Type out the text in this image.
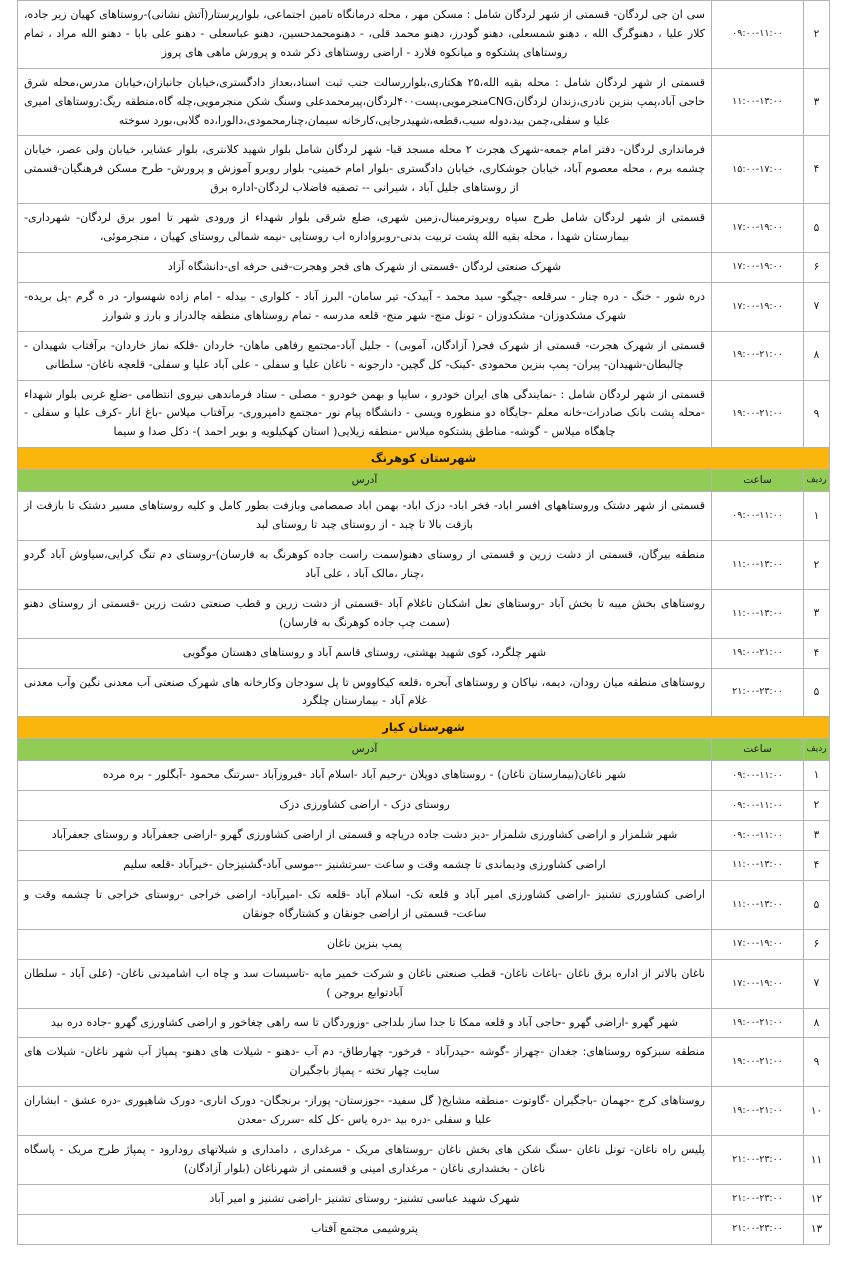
۲	۰۹:۰۰-۱۱:۰۰	سی ان جی لردگان- قسمتی از شهر لردگان شامل : مسکن مهر ، محله درمانگاه تامین اجتماعی، بلوارپرستار(آتش نشانی)-روستاهای کهیان زیر جاده، کلار علیا ، دهنوگرگ الله ، دهنو شمسعلی، دهنو گودرز، دهنو محمد قلی، - دهنومحمدحسین، دهنو عباسعلی - دهنو علی بابا - دهنو الله مراد ، تمام روستاهای پشتکوه و میانکوه فلارد - اراضی روستاهای ذکر شده و پرورش ماهی های پروز
۳	۱۱:۰۰-۱۳:۰۰	قسمتی از شهر لردگان شامل : محله بقیه الله،۲۵ هکتاری،بلواررسالت جنب ثبت اسناد،بعداز دادگستری،خیابان جانبازان،خیابان مدرس،محله شرق حاجی آباد،پمپ بنزین نادری،زندان لردگان،CNGمنجرمویی،پست۴۰۰لردگان،پیرمحمدعلی وسنگ شکن منجرمویی،چله گاه،منطقه ریگ:روستاهای امیری علیا و سفلی،چمن بید،دوله سیب،قطعه،شهیدرجایی،کارخانه سیمان،چنارمحمودی،دالورا،ده گلابی،بورد سوخته
۴	۱۵:۰۰-۱۷:۰۰	فرمانداری لردگان- دفتر امام جمعه-شهرک هجرت ۲ محله مسجد قبا- شهر لردگان شامل بلوار شهید کلانتری، بلوار عشایر، خیابان ولی عصر، خیابان چشمه برم ، محله معصوم آباد، خیابان جوشکاری، خیابان دادگستری -بلوار امام خمینی- بلوار روبرو آموزش و پرورش- طرح مسکن فرهنگیان-قسمتی از روستاهای جلیل آباد ، شیرانی -- تصفیه فاضلاب لردگان-اداره برق
۵	۱۷:۰۰-۱۹:۰۰	قسمتی از شهر لردگان شامل طرح سپاه روبروترمینال،زمین شهری، ضلع شرقی بلوار شهداء از ورودی شهر تا امور برق لردگان- شهرداری- بیمارستان شهدا ، محله بقیه الله پشت تربیت بدنی-روبرواداره اب روستایی -نیمه شمالی روستای کهیان ، منجرموئی،
۶	۱۷:۰۰-۱۹:۰۰	شهرک صنعتی لردگان -قسمتی از شهرک های فجر وهجرت-فنی حرفه ای-دانشگاه آزاد
۷	۱۷:۰۰-۱۹:۰۰	دره شور - خنگ - دره چنار - سرقلعه -چیگو- سید محمد - آبیدک- تیر سامان- البرز آباد - کلواری - بیدله - امام زاده شهسوار- در ه گرم -پل بریده- شهرک مشکدوزان- مشکدوزان - تونل منج- شهر منج- قلعه مدرسه - تمام روستاهای منطقه چالدراز و بارز و شوارز
۸	۱۹:۰۰-۲۱:۰۰	قسمتی از شهرک هجرت- قسمتی از شهرک فجر( آزادگان، آموبی) - جلیل آباد-مجتمع رفاهی ماهان- خاردان -فلکه نماز خاردان- برآفتاب شهیدان - چالبطان-شهیدان- پیران- پمپ بنزین محمودی -کینک- کل گچین- دارجونه - ناغان علیا و سفلی - علی آباد علیا و سفلی- قلعچه ناغان- سلطانی
۹	۱۹:۰۰-۲۱:۰۰	قسمتی از شهر لردگان شامل : -نمایندگی های ایران خودرو ، سایپا و بهمن خودرو - مصلی - ستاد فرماندهی نیروی انتظامی -ضلع غربی بلوار شهداء -محله پشت بانک صادرات-خانه معلم -جایگاه دو منظوره ویسی - دانشگاه پیام نور -مجتمع دامپروری- برآفتاب میلاس -باغ انار -کرف علیا و سفلی - چاهگاه میلاس - گوشه- مناطق پشتکوه میلاس -منطقه زیلایی( استان کهکیلویه و بویر احمد )- دکل صدا و سیما
شهرستان کوهرنگ		
ردیف	ساعت	آدرس
۱	۰۹:۰۰-۱۱:۰۰	قسمتی از شهر دشتک وروستاههای افسر اباد- فخر اباد- دزک اباد- بهمن اباد صمصامی وبازفت بطور کامل و کلیه روستاهای مسیر دشتک تا بازفت از بازفت بالا تا چبد - از روستای چبد تا روستای لبد
۲	۱۱:۰۰-۱۳:۰۰	منطقه بیرگان، قسمتی از دشت زرین و قسمتی از روستای دهنو(سمت راست جاده کوهرنگ به فارسان)-روستای دم تنگ کرایی،سیاوش آباد گردو ،چنار ،مالک آباد ، علی آباد
۳	۱۱:۰۰-۱۳:۰۰	روستاهای بخش میبه تا بخش آباد -روستاهای نعل اشکنان تاغلام آباد -قسمتی از دشت زرین و قطب صنعتی دشت زرین -قسمتی از روستای دهنو (سمت چپ جاده کوهرنگ به فارسان)
۴	۱۹:۰۰-۲۱:۰۰	شهر چلگرد، کوی شهید بهشتی، روستای قاسم آباد و روستاهای دهستان موگویی
۵	۲۱:۰۰-۲۳:۰۰	روستاهای منطقه میان رودان، دیمه، نیاکان و روستاهای آبحره ،قلعه کیکاووس تا پل سودجان وکارخانه های شهرک صنعتی آب معدنی نگین وآب معدنی غلام آباد - بیمارستان چلگرد
شهرستان کیار		
ردیف	ساعت	آدرس
۱	۰۹:۰۰-۱۱:۰۰	شهر ناغان(بیمارستان ناغان) - روستاهای دوپلان -رحیم آباد -اسلام آباد -فیروزآباد -سرتنگ محمود -آبگلور - بره مرده
۲	۰۹:۰۰-۱۱:۰۰	روستای دزک - اراضی کشاورزی دزک
۳	۰۹:۰۰-۱۱:۰۰	شهر شلمزار و اراضی کشاورزی شلمزار -دیز دشت جاده دریاچه و قسمتی از اراضی کشاورزی گهرو -اراضی جعفرآباد و روستای جعفرآباد
۴	۱۱:۰۰-۱۳:۰۰	اراضی کشاورزی ودیماندی تا چشمه وقت و ساعت -سرتشنیز --موسی آباد-گشنیزجان -خیرآباد -قلعه سلیم
۵	۱۱:۰۰-۱۳:۰۰	اراضی کشاورزی تشنیز -اراضی کشاورزی امیر آباد و قلعه تک- اسلام آباد -قلعه تک -امیرآباد- اراضی خراجی -روستای خراجی تا چشمه وقت و ساعت- قسمتی از اراضی جونقان و کشتارگاه جونقان
۶	۱۷:۰۰-۱۹:۰۰	پمپ بنزین ناغان
۷	۱۷:۰۰-۱۹:۰۰	ناغان بالاتر از اداره برق ناغان -باغات ناغان- قطب صنعتی ناغان و شرکت خمیر مایه -تاسیسات سد و چاه اب اشامیدنی ناغان- (علی آباد - سلطان آبادتوابع بروجن )
۸	۱۹:۰۰-۲۱:۰۰	شهر گهرو -اراضی گهرو -حاجی آباد و قلعه ممکا تا جدا ساز بلداجی -وزوردگان تا سه راهی چغاخور و اراضی کشاورزی گهرو -جاده دره بید
۹	۱۹:۰۰-۲۱:۰۰	منطقه سبزکوه روستاهای: جغدان -چهراز -گوشه -حیدرآباد - فرخور- چهارطاق- دم آب -دهنو - شیلات های دهنو- پمپاژ آب شهر ناغان- شیلات های سایت چهار تخته - پمپاژ باجگیران
۱۰	۱۹:۰۰-۲۱:۰۰	روستاهای کرج -جهمان -باجگیران -گاوتوت -منطقه مشایخ( گل سفید- -جوزستان- پوراز- برنجگان- دورک اناری- دورک شاهپوری -دره عشق - ابشاران علیا و سفلی -دره بید -دره یاس -کل کله -سررک -معدن
۱۱	۲۱:۰۰-۲۳:۰۰	پلیس راه ناغان- تونل ناغان -سنگ شکن های بخش ناغان -روستاهای مریک - مرغداری ، دامداری و شیلاتهای رودارود - پمپاژ طرح مریک - پاسگاه ناغان - بخشداری ناغان - مرغداری امینی و قسمتی از شهرناغان (بلوار آزادگان)
۱۲	۲۱:۰۰-۲۳:۰۰	شهرک شهید عباسی تشنیز- روستای تشنیز -اراضی تشنیز و امیر آباد
۱۳	۲۱:۰۰-۲۳:۰۰	پتروشیمی مجتمع آفتاب
